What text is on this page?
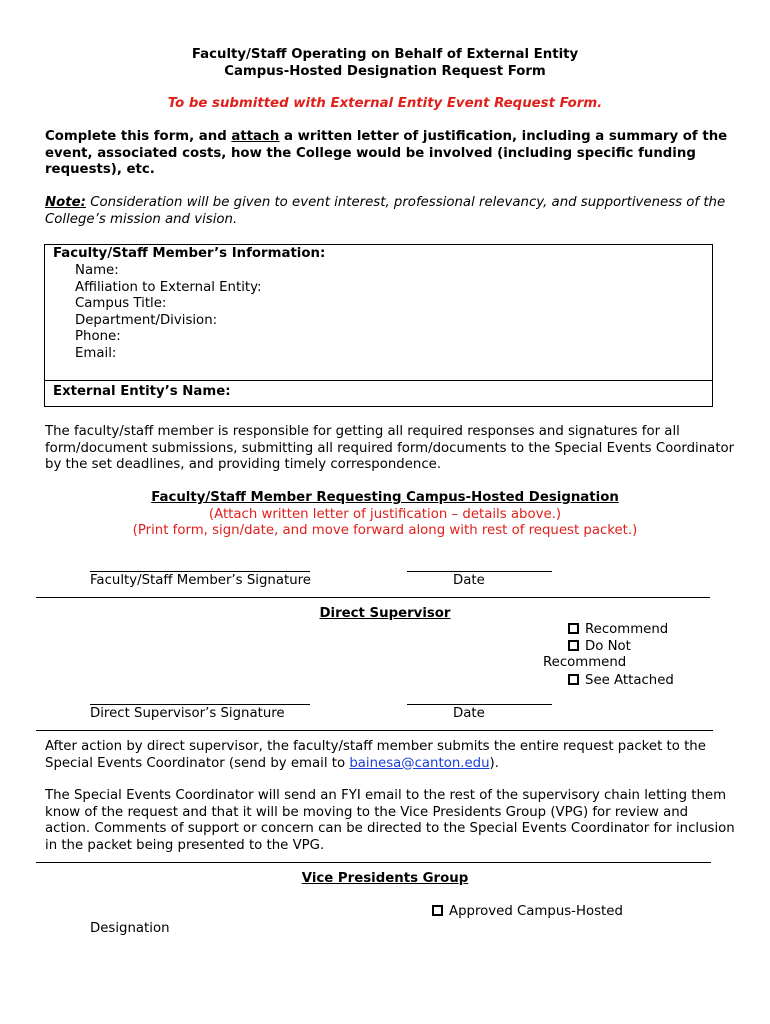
Faculty/Staff Operating on Behalf of External Entity
Campus-Hosted Designation Request Form
To be submitted with External Entity Event Request Form.
Complete this form, and attach a written letter of justification, including a summary of the event, associated costs, how the College would be involved (including specific funding requests), etc.
Note: Consideration will be given to event interest, professional relevancy, and supportiveness of the College’s mission and vision.
Faculty/Staff Member’s Information:
Name:
Affiliation to External Entity:
Campus Title:
Department/Division:
Phone:
Email:
External Entity’s Name:
The faculty/staff member is responsible for getting all required responses and signatures for all form/document submissions, submitting all required form/documents to the Special Events Coordinator by the set deadlines, and providing timely correspondence.
Faculty/Staff Member Requesting Campus-Hosted Designation
(Attach written letter of justification – details above.)
(Print form, sign/date, and move forward along with rest of request packet.)
Faculty/Staff Member’s Signature	Date
Direct Supervisor
Recommend
Do Not
Recommend
See Attached
Direct Supervisor’s Signature	Date
After action by direct supervisor, the faculty/staff member submits the entire request packet to the Special Events Coordinator (send by email to bainesa@canton.edu).
The Special Events Coordinator will send an FYI email to the rest of the supervisory chain letting them know of the request and that it will be moving to the Vice Presidents Group (VPG) for review and action. Comments of support or concern can be directed to the Special Events Coordinator for inclusion in the packet being presented to the VPG.
Vice Presidents Group
Approved Campus-Hosted
Designation
